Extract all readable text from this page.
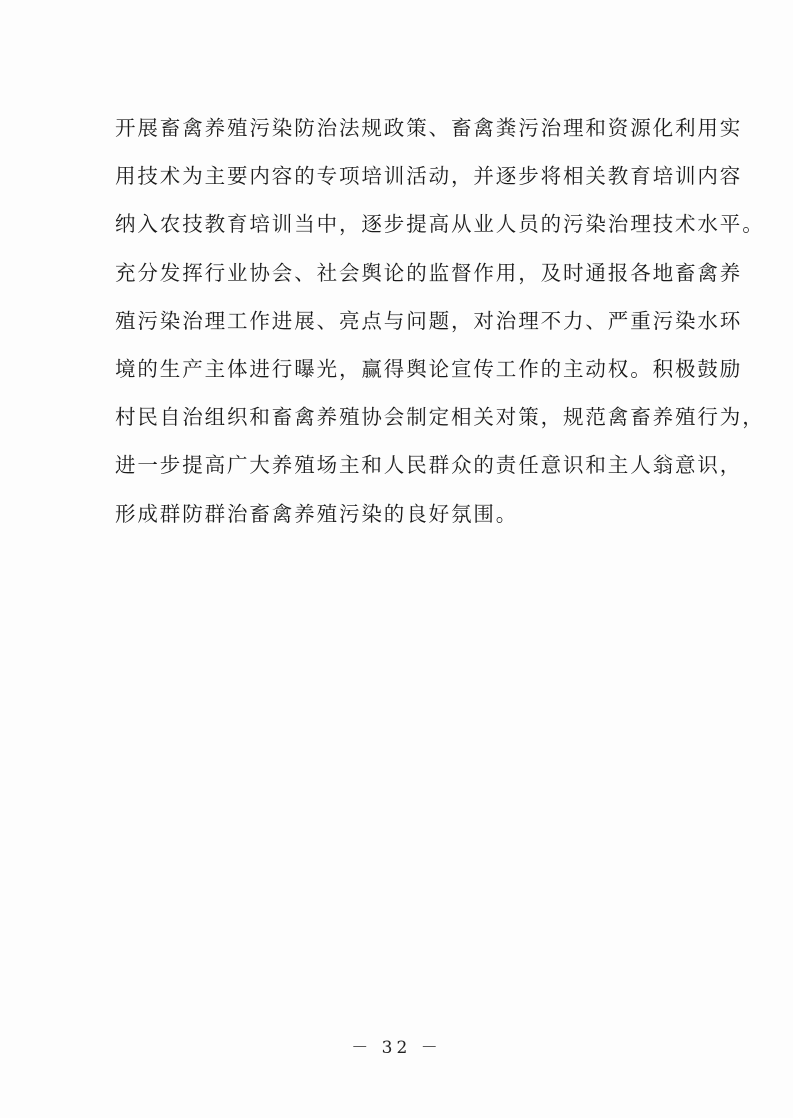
开展畜禽养殖污染防治法规政策、畜禽粪污治理和资源化利用实
用技术为主要内容的专项培训活动，并逐步将相关教育培训内容
纳入农技教育培训当中，逐步提高从业人员的污染治理技术水平。
充分发挥行业协会、社会舆论的监督作用，及时通报各地畜禽养
殖污染治理工作进展、亮点与问题，对治理不力、严重污染水环
境的生产主体进行曝光，赢得舆论宣传工作的主动权。积极鼓励
村民自治组织和畜禽养殖协会制定相关对策，规范禽畜养殖行为，
进一步提高广大养殖场主和人民群众的责任意识和主人翁意识，
形成群防群治畜禽养殖污染的良好氛围。
－ 32 －
